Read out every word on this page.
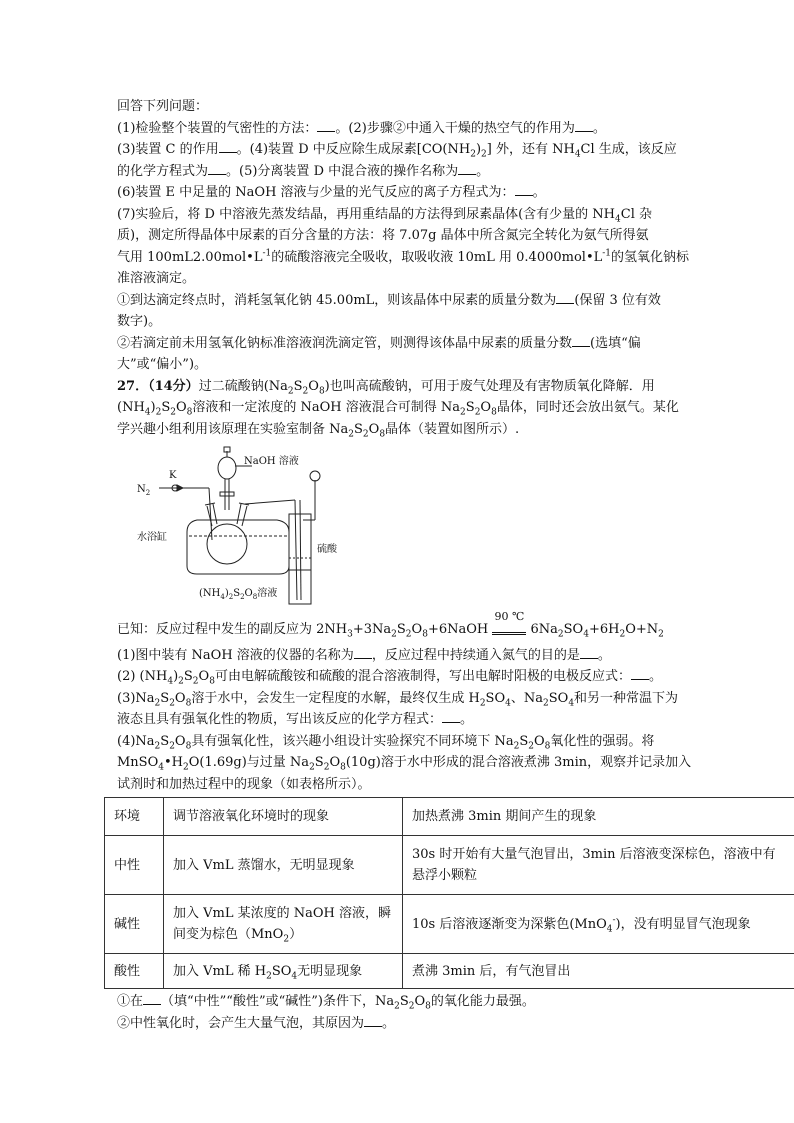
回答下列问题：
(1)检验整个装置的气密性的方法： 。(2)步骤②中通入干燥的热空气的作用为 。
(3)装置 C 的作用 。(4)装置 D 中反应除生成尿素$[CO(NH_2)_2]$ 外，还有 $NH_4Cl$ 生成，该反应
的化学方程式为 。(5)分离装置 D 中混合液的操作名称为 。
(6)装置 E 中足量的 NaOH 溶液与少量的光气反应的离子方程式为： 。
(7)实验后，将 D 中溶液先蒸发结晶，再用重结晶的方法得到尿素晶体(含有少量的 $NH_4Cl$ 杂
质)，测定所得晶体中尿素的百分含量的方法：将 7.07g 晶体中所含氮完全转化为氨气所得氨
气用 $100mL2.00mol•L^{-1}$的硫酸溶液完全吸收，取吸收液 10mL 用 $0.4000mol•L^{-1}$的氢氧化钠标
准溶液滴定。
①到达滴定终点时，消耗氢氧化钠 45.00mL，则该晶体中尿素的质量分数为 (保留 3 位有效
数字)。
②若滴定前未用氢氧化钠标准溶液润洗滴定管，则测得该体晶中尿素的质量分数 (选填“偏
大”或“偏小”)。
27．（14分）过二硫酸钠$(Na_2S_2O_8)$也叫高硫酸钠，可用于废气处理及有害物质氧化降解．用
$(NH_4)_2S_2O_8$溶液和一定浓度的 NaOH 溶液混合可制得 $Na_2S_2O_8$晶体，同时还会放出氨气。某化
学兴趣小组利用该原理在实验室制备 $Na_2S_2O_8$晶体（装置如图所示）.
NaOH 溶液
K
$N_2$
水浴缸
硫酸
$(NH_4)_2S_2O_8$溶液
已知：反应过程中发生的副反应为 $2NH_3+3Na_2S_2O_8+6NaOH$
90 ℃
$6Na_2SO_4+6H_2O+N_2$
(1)图中装有 NaOH 溶液的仪器的名称为 ，反应过程中持续通入氮气的目的是 。
(2) $(NH_4)_2S_2O_8$可由电解硫酸铵和硫酸的混合溶液制得，写出电解时阳极的电极反应式： 。
$(3)Na_2S_2O_8$溶于水中，会发生一定程度的水解，最终仅生成 $H_2SO_4$、$Na_2SO_4$和另一种常温下为
液态且具有强氧化性的物质，写出该反应的化学方程式： 。
$(4)Na_2S_2O_8$具有强氧化性，该兴趣小组设计实验探究不同环境下 $Na_2S_2O_8$氧化性的强弱。将
$MnSO_4•H_2O(1.69g)$与过量 $Na_2S_2O_8(10g)$溶于水中形成的混合溶液煮沸 3min，观察并记录加入
试剂时和加热过程中的现象（如表格所示）。
环境	调节溶液氧化环境时的现象	加热煮沸 3min 期间产生的现象
中性	加入 VmL 蒸馏水，无明显现象	30s 时开始有大量气泡冒出，3min 后溶液变深棕色，溶液中有悬浮小颗粒
碱性	加入 VmL 某浓度的 NaOH 溶液，瞬间变为棕色（MnO$_2$）	10s 后溶液逐渐变为深紫色(MnO$_4$-)，没有明显冒气泡现象
酸性	加入 VmL 稀 $H_2SO_4$无明显现象	煮沸 3min 后，有气泡冒出
①在 （填“中性”“酸性”或“碱性”)条件下，$Na_2S_2O_8$的氧化能力最强。
②中性氧化时，会产生大量气泡，其原因为 。
